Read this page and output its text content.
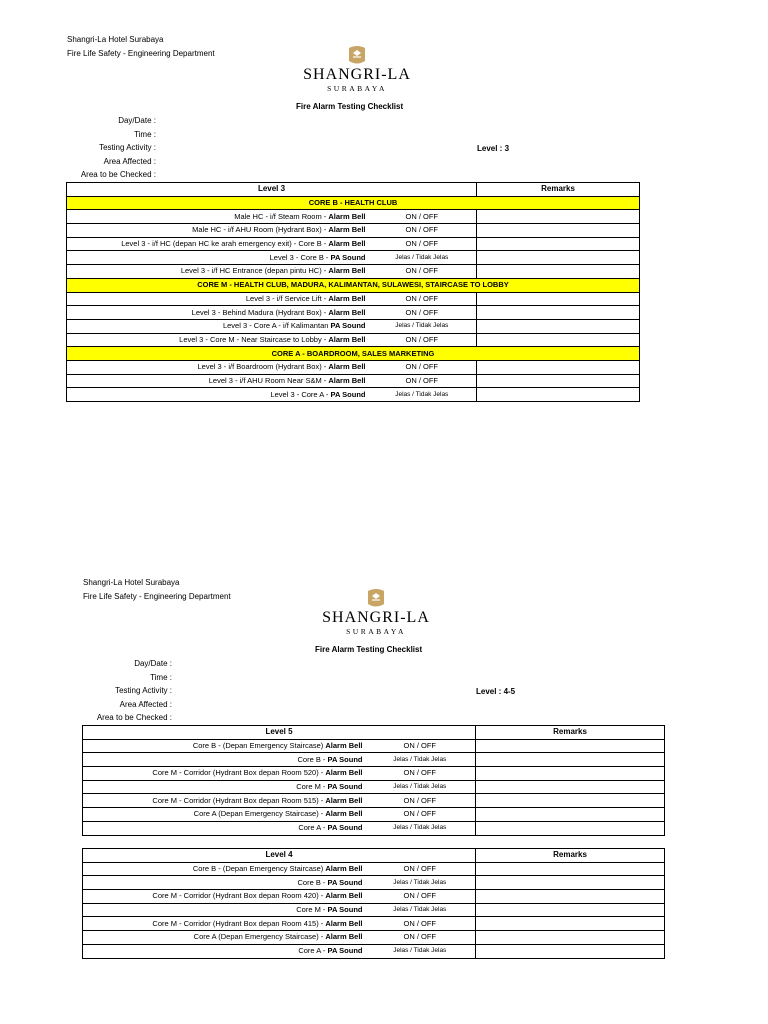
Shangri-La Hotel Surabaya
Fire Life Safety - Engineering Department
SHANGRI-LA
SURABAYA
Fire Alarm Testing Checklist
Day/Date :
Time :
Testing Activity :
Area Affected :
Area to be Checked :
Level : 3
Level 3		Remarks
CORE B - HEALTH CLUB		
Male HC - i/f Steam Room - Alarm Bell	ON / OFF	
Male HC - i/f AHU Room (Hydrant Box) - Alarm Bell	ON / OFF	
Level 3 - i/f HC (depan HC ke arah emergency exit) - Core B - Alarm Bell	ON / OFF	
Level 3 - Core B - PA Sound	Jelas / Tidak Jelas	
Level 3 - i/f HC Entrance (depan pintu HC) - Alarm Bell	ON / OFF	
CORE M - HEALTH CLUB, MADURA, KALIMANTAN, SULAWESI, STAIRCASE TO LOBBY		
Level 3 - i/f Service Lift - Alarm Bell	ON / OFF	
Level 3 - Behind Madura (Hydrant Box) - Alarm Bell	ON / OFF	
Level 3 - Core A - i/f Kalimantan PA Sound	Jelas / Tidak Jelas	
Level 3 - Core M - Near Staircase to Lobby - Alarm Bell	ON / OFF	
CORE A - BOARDROOM, SALES MARKETING		
Level 3 - i/f Boardroom (Hydrant Box) - Alarm Bell	ON / OFF	
Level 3 - i/f AHU Room Near S&M - Alarm Bell	ON / OFF	
Level 3 - Core A - PA Sound	Jelas / Tidak Jelas	
Shangri-La Hotel Surabaya
Fire Life Safety - Engineering Department
SHANGRI-LA
SURABAYA
Fire Alarm Testing Checklist
Day/Date :
Time :
Testing Activity :
Area Affected :
Area to be Checked :
Level : 4-5
Level 5		Remarks
Core B - (Depan Emergency Staircase) Alarm Bell	ON / OFF	
Core B - PA Sound	Jelas / Tidak Jelas	
Core M - Corridor (Hydrant Box depan Room 520) - Alarm Bell	ON / OFF	
Core M - PA Sound	Jelas / Tidak Jelas	
Core M - Corridor (Hydrant Box depan Room 515) - Alarm Bell	ON / OFF	
Core A (Depan Emergency Staircase) - Alarm Bell	ON / OFF	
Core A - PA Sound	Jelas / Tidak Jelas	
Level 4		Remarks
Core B - (Depan Emergency Staircase) Alarm Bell	ON / OFF	
Core B - PA Sound	Jelas / Tidak Jelas	
Core M - Corridor (Hydrant Box depan Room 420) - Alarm Bell	ON / OFF	
Core M - PA Sound	Jelas / Tidak Jelas	
Core M - Corridor (Hydrant Box depan Room 415) - Alarm Bell	ON / OFF	
Core A (Depan Emergency Staircase) - Alarm Bell	ON / OFF	
Core A - PA Sound	Jelas / Tidak Jelas	
